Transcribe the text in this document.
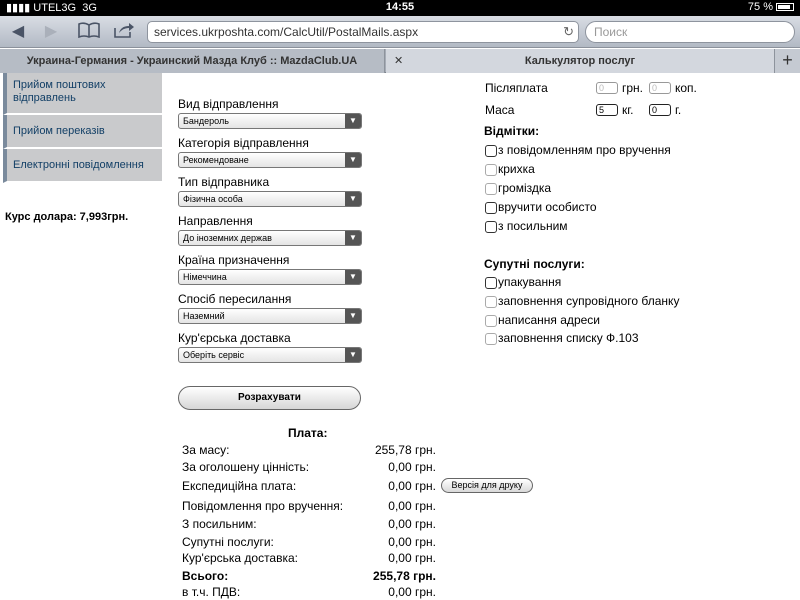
▮▮▮▮ UTEL3G 3G	14:55	75 %
◀ ▶	services.ukrposhta.com/CalcUtil/PostalMails.aspx	↻	Поиск
Украина-Германия - Украинский Мазда Клуб :: MazdaClub.UA	✕	Калькулятор послуг	+
Прийом поштових відправлень
Прийом переказів
Електронні повідомлення
Курс долара: 7,993грн.
Вид відправлення
Бандероль	▼
Категорія відправлення
Рекомендоване	▼
Тип відправника
Фізична особа	▼
Направлення
До іноземних держав	▼
Країна призначення
Німеччина	▼
Спосіб пересилання
Наземний	▼
Кур'єрська доставка
Оберіть сервіс	▼
Розрахувати
Плата:
За масу:	255,78 грн.
За оголошену цінність:	0,00 грн.
Експедиційна плата:	0,00 грн.
Повідомлення про вручення:	0,00 грн.
З посильним:	0,00 грн.
Супутні послуги:	0,00 грн.
Кур'єрська доставка:	0,00 грн.
Всього:	255,78 грн.
в т.ч. ПДВ:	0,00 грн.
Версія для друку
Післяплата	0	грн. 0	коп.
Маса	5	кг.	0	г.
Відмітки:
з повідомленням про вручення
крихка
громіздка
вручити особисто
з посильним
Супутні послуги:
упакування
заповнення супровідного бланку
написання адреси
заповнення списку Ф.103
